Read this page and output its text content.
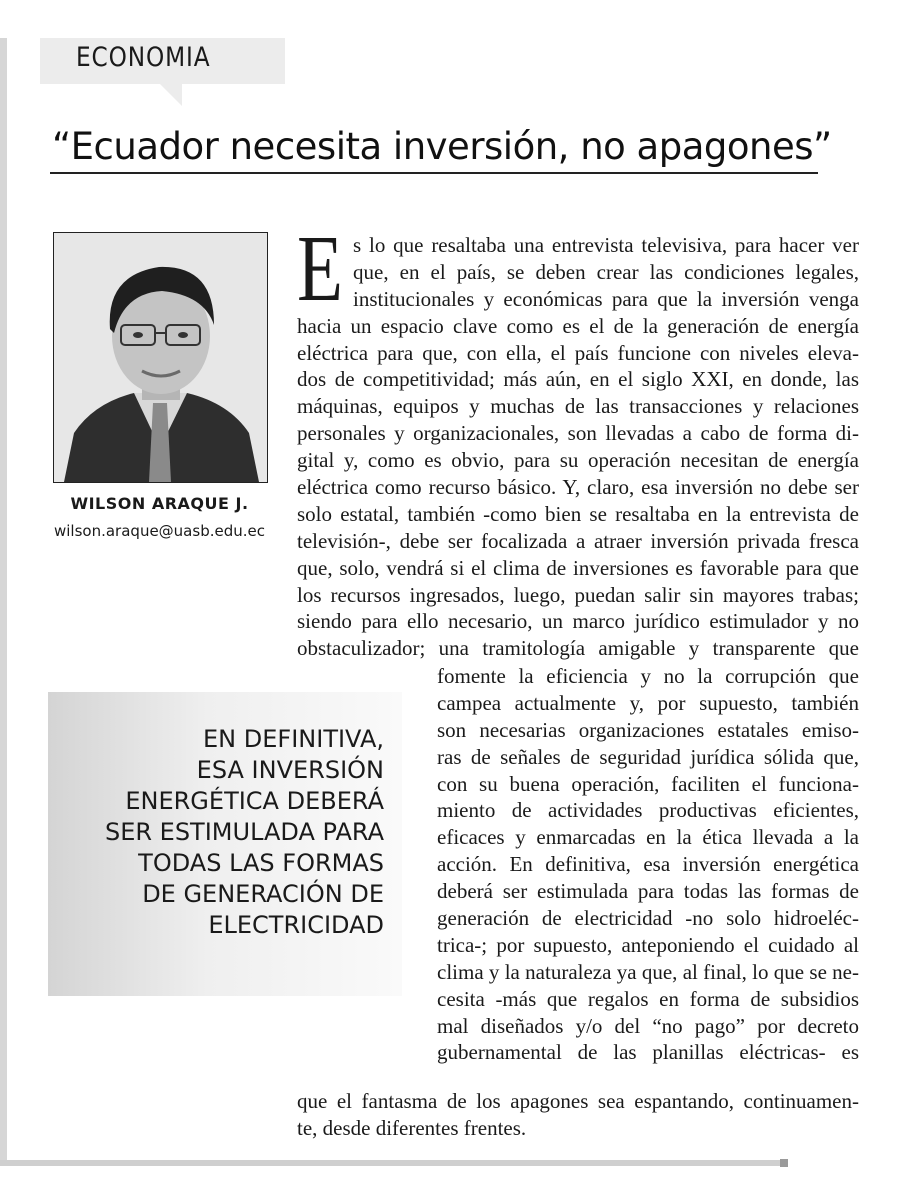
ECONOMIA
“Ecuador necesita inversión, no apagones”
WILSON ARAQUE J.
wilson.araque@uasb.edu.ec
E s lo que resaltaba una entrevista televisiva, para hacer ver
que, en el país, se deben crear las condiciones legales,
institucionales y económicas para que la inversión venga
hacia un espacio clave como es el de la generación de energía
eléctrica para que, con ella, el país funcione con niveles eleva-
dos de competitividad; más aún, en el siglo XXI, en donde, las
máquinas, equipos y muchas de las transacciones y relaciones
personales y organizacionales, son llevadas a cabo de forma di-
gital y, como es obvio, para su operación necesitan de energía
eléctrica como recurso básico. Y, claro, esa inversión no debe ser
solo estatal, también -como bien se resaltaba en la entrevista de
televisión-, debe ser focalizada a atraer inversión privada fresca
que, solo, vendrá si el clima de inversiones es favorable para que
los recursos ingresados, luego, puedan salir sin mayores trabas;
siendo para ello necesario, un marco jurídico estimulador y no
obstaculizador; una tramitología amigable y transparente que
EN DEFINITIVA,
ESA INVERSIÓN
ENERGÉTICA DEBERÁ
SER ESTIMULADA PARA
TODAS LAS FORMAS
DE GENERACIÓN DE
ELECTRICIDAD
fomente la eficiencia y no la corrupción que
campea actualmente y, por supuesto, también
son necesarias organizaciones estatales emiso-
ras de señales de seguridad jurídica sólida que,
con su buena operación, faciliten el funciona-
miento de actividades productivas eficientes,
eficaces y enmarcadas en la ética llevada a la
acción. En definitiva, esa inversión energética
deberá ser estimulada para todas las formas de
generación de electricidad -no solo hidroeléc-
trica-; por supuesto, anteponiendo el cuidado al
clima y la naturaleza ya que, al final, lo que se ne-
cesita -más que regalos en forma de subsidios
mal diseñados y/o del “no pago” por decreto
gubernamental de las planillas eléctricas- es
que el fantasma de los apagones sea espantando, continuamen-
te, desde diferentes frentes.
